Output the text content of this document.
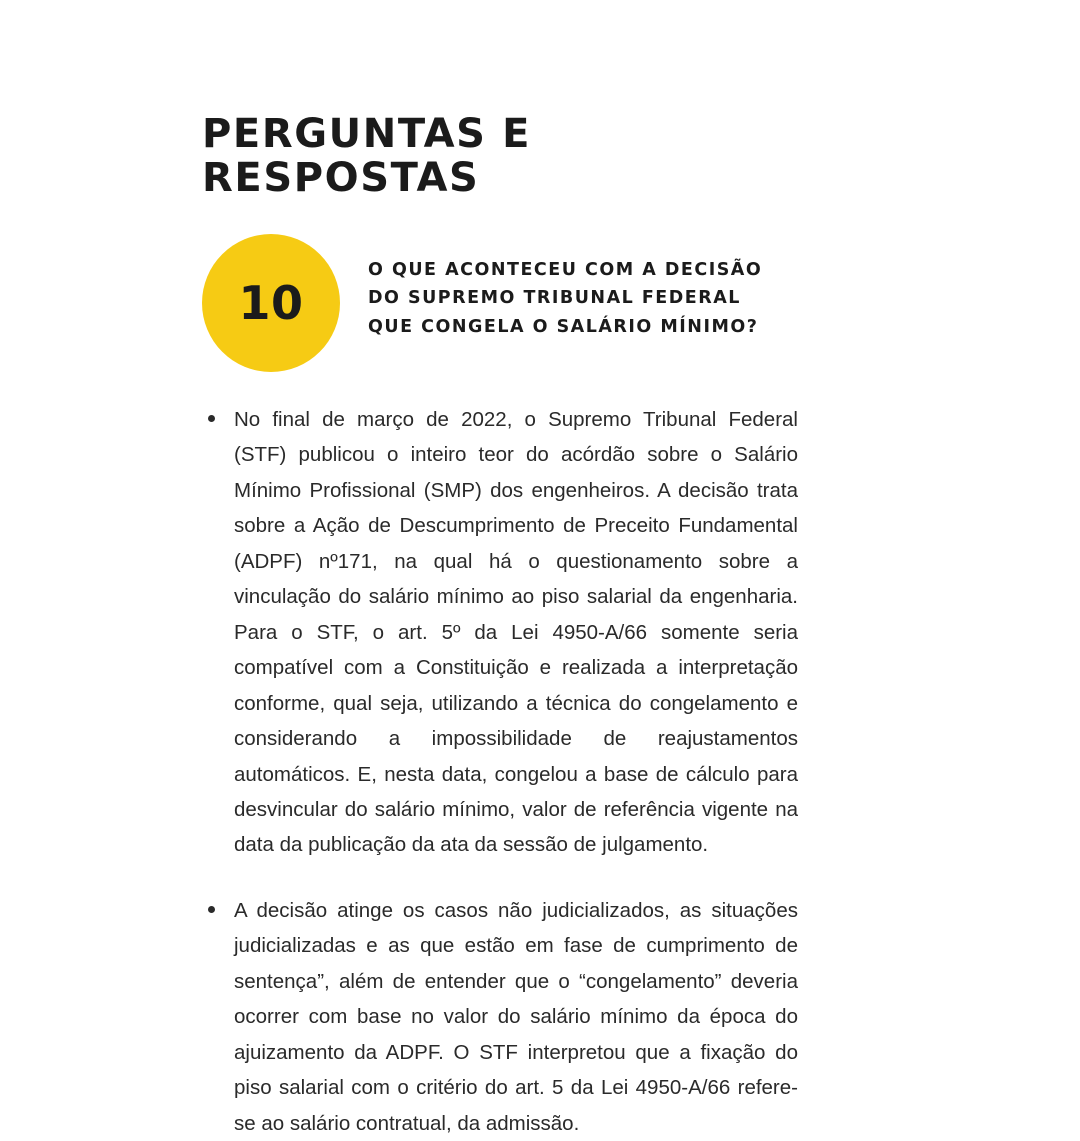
PERGUNTAS E RESPOSTAS
10
O QUE ACONTECEU COM A DECISÃO DO SUPREMO TRIBUNAL FEDERAL QUE CONGELA O SALÁRIO MÍNIMO?
No final de março de 2022, o Supremo Tribunal Federal (STF) publicou o inteiro teor do acórdão sobre o Salário Mínimo Profissional (SMP) dos engenheiros. A decisão trata sobre a Ação de Descumprimento de Preceito Fundamental (ADPF) nº171, na qual há o questionamento sobre a vinculação do salário mínimo ao piso salarial da engenharia. Para o STF, o art. 5º da Lei 4950-A/66 somente seria compatível com a Constituição e realizada a interpretação conforme, qual seja, utilizando a técnica do congelamento e considerando a impossibilidade de reajustamentos automáticos. E, nesta data, congelou a base de cálculo para desvincular do salário mínimo, valor de referência vigente na data da publicação da ata da sessão de julgamento.
A decisão atinge os casos não judicializados, as situações judicializadas e as que estão em fase de cumprimento de sentença”, além de entender que o “congelamento” deveria ocorrer com base no valor do salário mínimo da época do ajuizamento da ADPF. O STF interpretou que a fixação do piso salarial com o critério do art. 5 da Lei 4950-A/66 refere-se ao salário contratual, da admissão.
